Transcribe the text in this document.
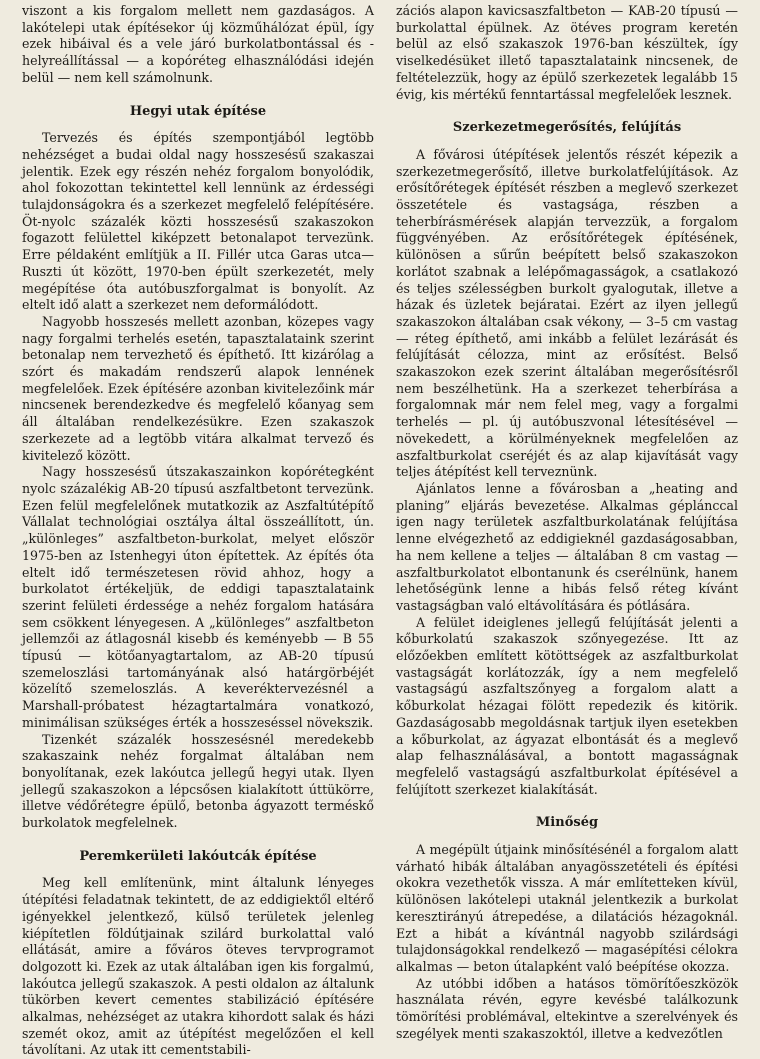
viszont a kis forgalom mellett nem gazdaságos. A lakótelepi utak építésekor új közműhálózat épül, így ezek hibáival és a vele járó burkolatbontással és -helyreállítással — a kopóréteg elhasználódási idején belül — nem kell számolnunk.

Hegyi utak építése

Tervezés és építés szempontjából legtöbb nehézséget a budai oldal nagy hosszesésű szakaszai jelentik. Ezek egy részén nehéz forgalom bonyolódik, ahol fokozottan tekintettel kell lennünk az érdességi tulajdonságokra és a szerkezet megfelelő felépítésére. Öt-nyolc százalék közti hosszesésű szakaszokon fogazott felülettel kiképzett betonalapot tervezünk. Erre példaként említjük a II. Fillér utca Garas utca—Ruszti út között, 1970-ben épült szerkezetét, mely megépítése óta autóbuszforgalmat is bonyolít. Az eltelt idő alatt a szerkezet nem deformálódott.

Nagyobb hosszesés mellett azonban, közepes vagy nagy forgalmi terhelés esetén, tapasztalataink szerint betonalap nem tervezhető és építhető. Itt kizárólag a szórt és makadám rendszerű alapok lennének megfelelőek. Ezek építésére azonban kivitelezőink már nincsenek berendezkedve és megfelelő kőanyag sem áll általában rendelkezésükre. Ezen szakaszok szerkezete ad a legtöbb vitára alkalmat tervező és kivitelező között.

Nagy hosszesésű útszakaszainkon kopórétegként nyolc százalékig AB-20 típusú aszfaltbetont tervezünk. Ezen felül megfelelőnek mutatkozik az Aszfaltútépítő Vállalat technológiai osztálya által összeállított, ún. „különleges” aszfaltbeton-burkolat, melyet először 1975-ben az Istenhegyi úton építettek. Az építés óta eltelt idő természetesen rövid ahhoz, hogy a burkolatot értékeljük, de eddigi tapasztalataink szerint felületi érdessége a nehéz forgalom hatására sem csökkent lényegesen. A „különleges” aszfaltbeton jellemzői az átlagosnál kisebb és keményebb — B 55 típusú — kötőanyagtartalom, az AB-20 típusú szemeloszlási tartományának alsó határgörbéjét közelítő szemeloszlás. A keveréktervezésnél a Marshall-próbatest hézagtartalmára vonatkozó, minimálisan szükséges érték a hosszeséssel növekszik.

Tizenkét százalék hosszesésnél meredekebb szakaszaink nehéz forgalmat általában nem bonyolítanak, ezek lakóutca jellegű hegyi utak. Ilyen jellegű szakaszokon a lépcsősen kialakított úttükörre, illetve védőrétegre épülő, betonba ágyazott terméskő burkolatok megfelelnek.

Peremkerületi lakóutcák építése

Meg kell említenünk, mint általunk lényeges útépítési feladatnak tekintett, de az eddigiektől eltérő igényekkel jelentkező, külső területek jelenleg kiépítetlen földútjainak szilárd burkolattal való ellátását, amire a főváros öteves tervprogramot dolgozott ki. Ezek az utak általában igen kis forgalmú, lakóutca jellegű szakaszok. A pesti oldalon az általunk tükörben kevert cementes stabilizáció építésére alkalmas, nehézséget az utakra kihordott salak és házi szemét okoz, amit az útépítést megelőzően el kell távolítani. Az utak itt cementstabili-

zációs alapon kavicsaszfaltbeton — KAB-20 típusú — burkolattal épülnek. Az ötéves program keretén belül az első szakaszok 1976-ban készültek, így viselkedésüket illető tapasztalataink nincsenek, de feltételezzük, hogy az épülő szerkezetek legalább 15 évig, kis mértékű fenntartással megfelelőek lesznek.

Szerkezetmegerősítés, felújítás

A fővárosi útépítések jelentős részét képezik a szerkezetmegerősítő, illetve burkolatfelújítások. Az erősítőrétegek építését részben a meglevő szerkezet összetétele és vastagsága, részben a teherbírásmérések alapján tervezzük, a forgalom függvényében. Az erősítőrétegek építésének, különösen a sűrűn beépített belső szakaszokon korlátot szabnak a lelépőmagasságok, a csatlakozó és teljes szélességben burkolt gyalogutak, illetve a házak és üzletek bejáratai. Ezért az ilyen jellegű szakaszokon általában csak vékony, — 3–5 cm vastag — réteg építhető, ami inkább a felület lezárását és felújítását célozza, mint az erősítést. Belső szakaszokon ezek szerint általában megerősítésről nem beszélhetünk. Ha a szerkezet teherbírása a forgalomnak már nem felel meg, vagy a forgalmi terhelés — pl. új autóbuszvonal létesítésével — növekedett, a körülményeknek megfelelően az aszfaltburkolat cseréjét és az alap kijavítását vagy teljes átépítést kell terveznünk.

Ajánlatos lenne a fővárosban a „heating and planing” eljárás bevezetése. Alkalmas géplánccal igen nagy területek aszfaltburkolatának felújítása lenne elvégezhető az eddigieknél gazdaságosabban, ha nem kellene a teljes — általában 8 cm vastag — aszfaltburkolatot elbontanunk és cserélnünk, hanem lehetőségünk lenne a hibás felső réteg kívánt vastagságban való eltávolítására és pótlására.

A felület ideiglenes jellegű felújítását jelenti a kőburkolatú szakaszok szőnyegezése. Itt az előzőekben említett kötöttségek az aszfaltburkolat vastagságát korlátozzák, így a nem megfelelő vastagságú aszfaltszőnyeg a forgalom alatt a kőburkolat hézagai fölött repedezik és kitörik. Gazdaságosabb megoldásnak tartjuk ilyen esetekben a kőburkolat, az ágyazat elbontását és a meglevő alap felhasználásával, a bontott magasságnak megfelelő vastagságú aszfaltburkolat építésével a felújított szerkezet kialakítását.

Minőség

A megépült útjaink minősítésénél a forgalom alatt várható hibák általában anyagösszetételi és építési okokra vezethetők vissza. A már említetteken kívül, különösen lakótelepi utaknál jelentkezik a burkolat keresztirányú átrepedése, a dilatációs hézagoknál. Ezt a hibát a kívántnál nagyobb szilárdsági tulajdonságokkal rendelkező — magasépítési célokra alkalmas — beton útalapként való beépítése okozza.

Az utóbbi időben a hatásos tömörítőeszközök használata révén, egyre kevésbé találkozunk tömörítési problémával, eltekintve a szerelvények és szegélyek menti szakaszoktól, illetve a kedvezőtlen
